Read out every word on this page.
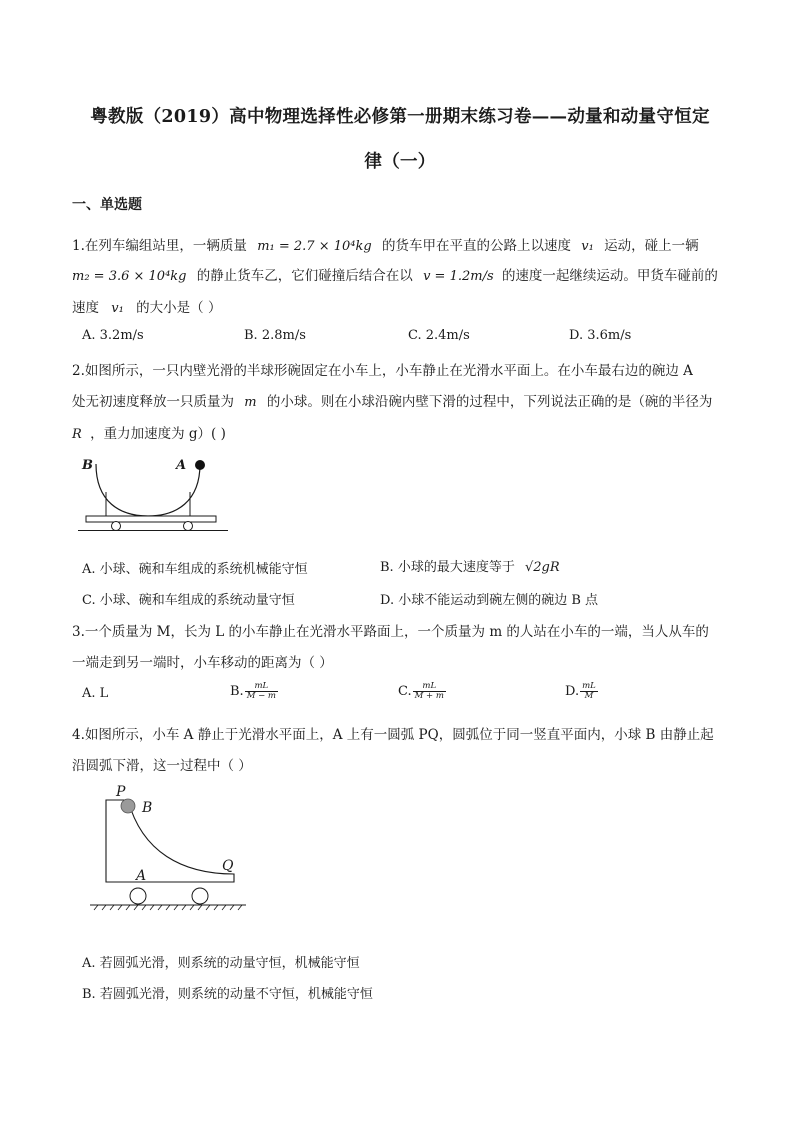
粤教版（2019）高中物理选择性必修第一册期末练习卷——动量和动量守恒定
律（一）
一、单选题
1.在列车编组站里，一辆质量 m₁ = 2.7 × 10⁴kg 的货车甲在平直的公路上以速度 v₁ 运动，碰上一辆
m₂ = 3.6 × 10⁴kg 的静止货车乙，它们碰撞后结合在以 v = 1.2m/s 的速度一起继续运动。甲货车碰前的
速度 v₁ 的大小是（ ）
A. 3.2m/s	B. 2.8m/s	C. 2.4m/s	D. 3.6m/s
2.如图所示，一只内壁光滑的半球形碗固定在小车上，小车静止在光滑水平面上。在小车最右边的碗边 A
处无初速度释放一只质量为 m 的小球。则在小球沿碗内壁下滑的过程中，下列说法正确的是（碗的半径为
R ，重力加速度为 g）( )
B	A
A. 小球、碗和车组成的系统机械能守恒	B. 小球的最大速度等于 √2gR
C. 小球、碗和车组成的系统动量守恒	D. 小球不能运动到碗左侧的碗边 B 点
3.一个质量为 M，长为 L 的小车静止在光滑水平路面上，一个质量为 m 的人站在小车的一端，当人从车的
一端走到另一端时，小车移动的距离为（ ）
A. L	B. $\frac{mL}{M - m}$	C. $\frac{mL}{M + m}$	D. $\frac{mL}{M}$
4.如图所示，小车 A 静止于光滑水平面上，A 上有一圆弧 PQ，圆弧位于同一竖直平面内，小球 B 由静止起
沿圆弧下滑，这一过程中（ ）
P
B
Q
A
A. 若圆弧光滑，则系统的动量守恒，机械能守恒
B. 若圆弧光滑，则系统的动量不守恒，机械能守恒
